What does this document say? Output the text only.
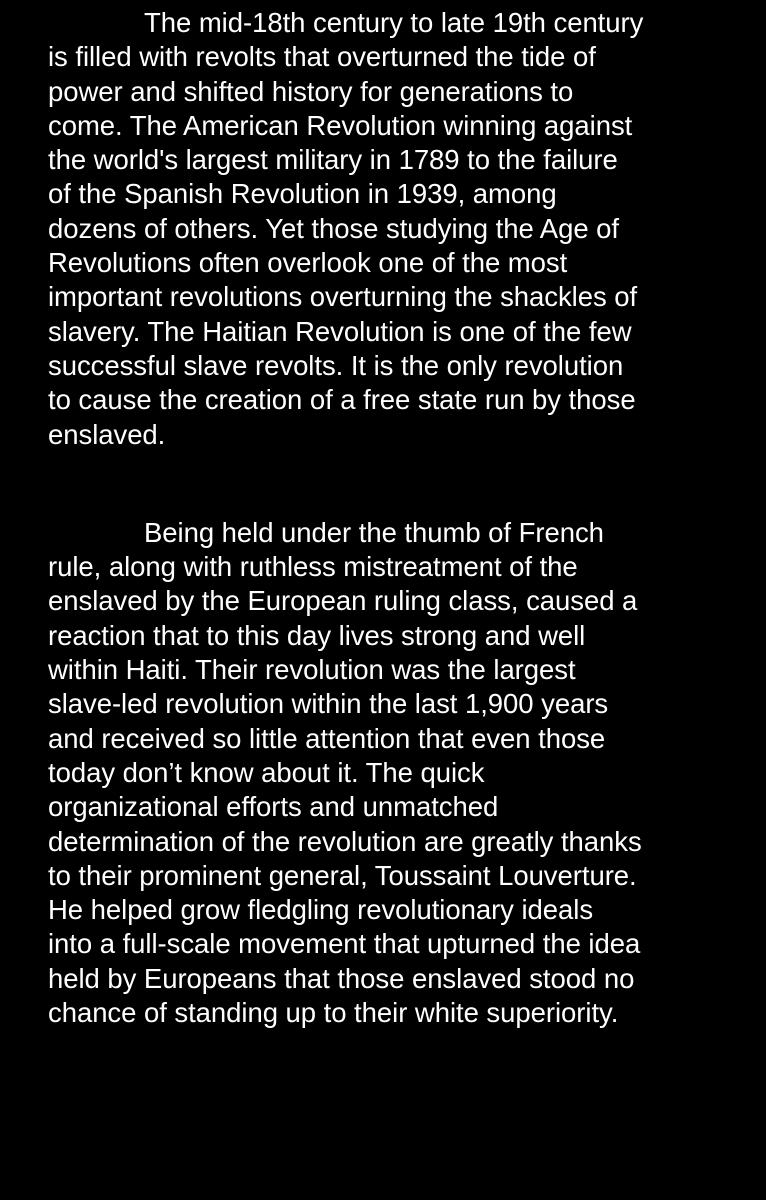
The mid-18th century to late 19th century
is filled with revolts that overturned the tide of
power and shifted history for generations to
come. The American Revolution winning against
the world's largest military in 1789 to the failure
of the Spanish Revolution in 1939, among
dozens of others. Yet those studying the Age of
Revolutions often overlook one of the most
important revolutions overturning the shackles of
slavery. The Haitian Revolution is one of the few
successful slave revolts. It is the only revolution
to cause the creation of a free state run by those
enslaved.
Being held under the thumb of French
rule, along with ruthless mistreatment of the
enslaved by the European ruling class, caused a
reaction that to this day lives strong and well
within Haiti. Their revolution was the largest
slave-led revolution within the last 1,900 years
and received so little attention that even those
today don’t know about it. The quick
organizational efforts and unmatched
determination of the revolution are greatly thanks
to their prominent general, Toussaint Louverture.
He helped grow fledgling revolutionary ideals
into a full-scale movement that upturned the idea
held by Europeans that those enslaved stood no
chance of standing up to their white superiority.
